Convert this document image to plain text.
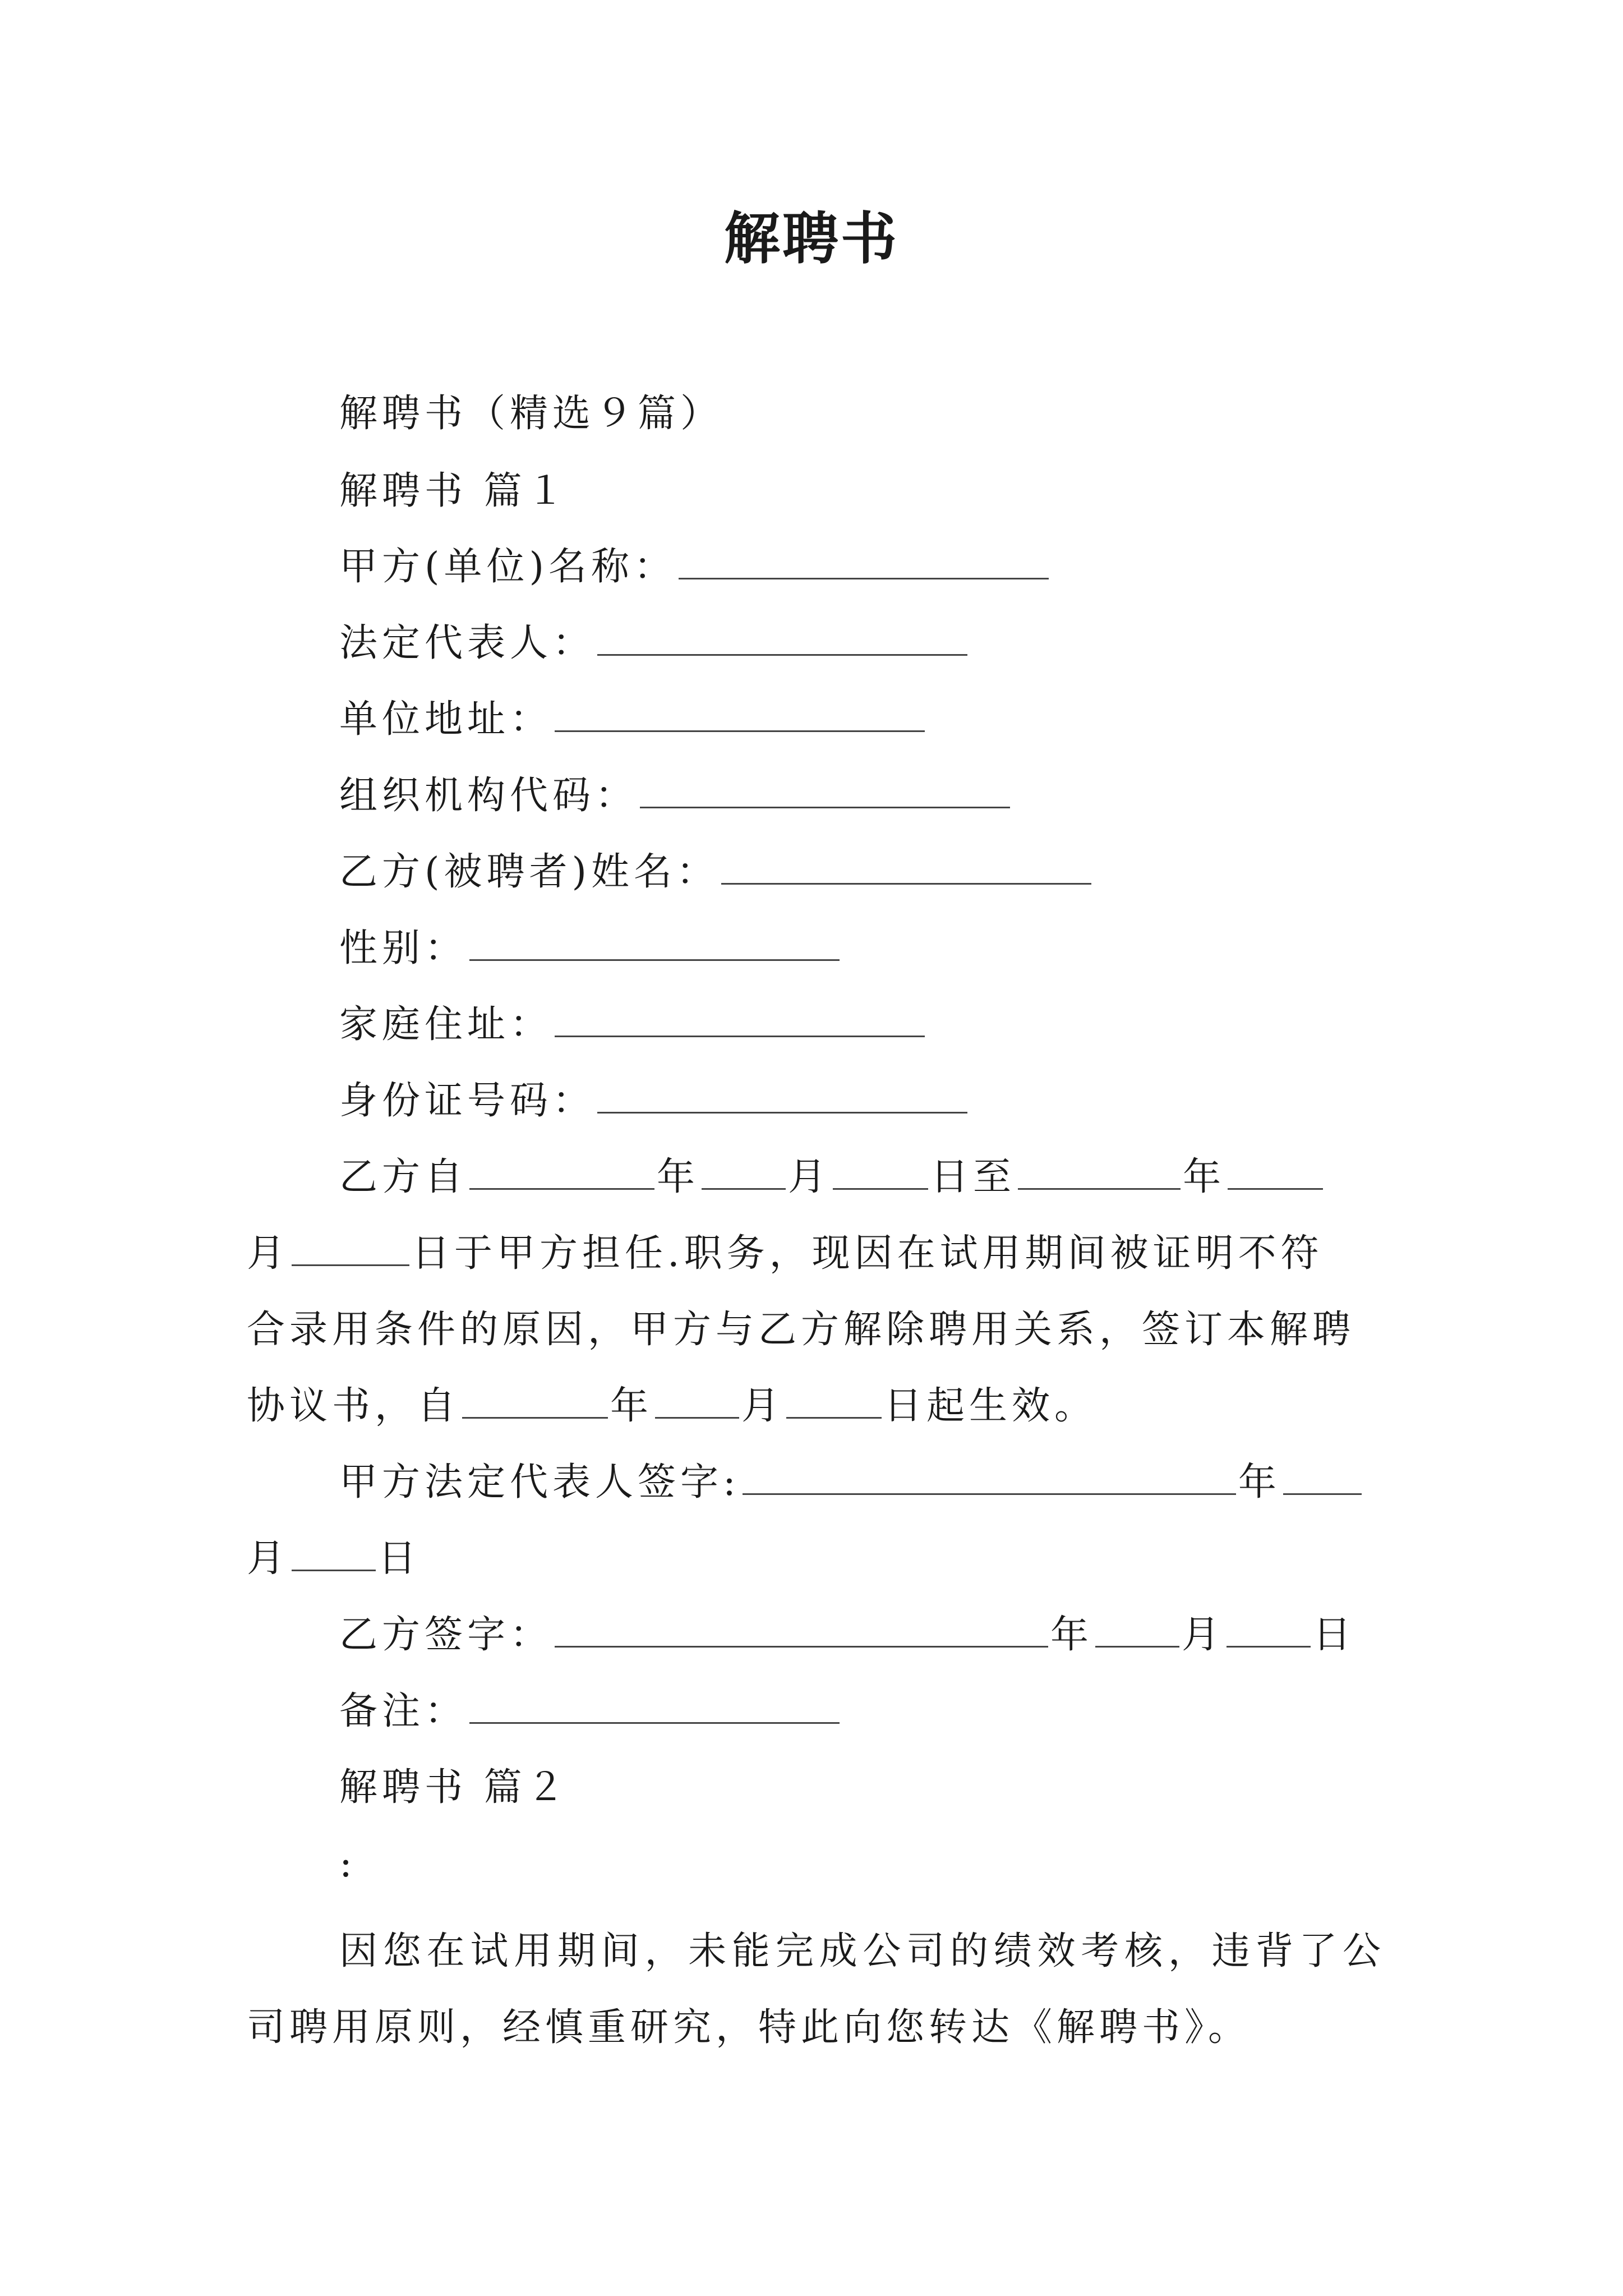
解聘书
解聘书（精选９篇）
解聘书 篇１
甲方(单位)名称：
法定代表人：
单位地址：
组织机构代码：
乙方(被聘者)姓名：
性别：
家庭住址：
身份证号码：
乙方自	年 月	日至	年
月	日于甲方担任.职务，现因在试用期间被证明不符
合录用条件的原因，甲方与乙方解除聘用关系，签订本解聘
协议书，自	年 月	日起生效。
甲方法定代表人签字:	年
月 日
乙方签字：	年 月 日
备注：
解聘书 篇２
:
因您在试用期间，未能完成公司的绩效考核，违背了公司聘用原则，经慎重研究，特此向您转达《解聘书》。
